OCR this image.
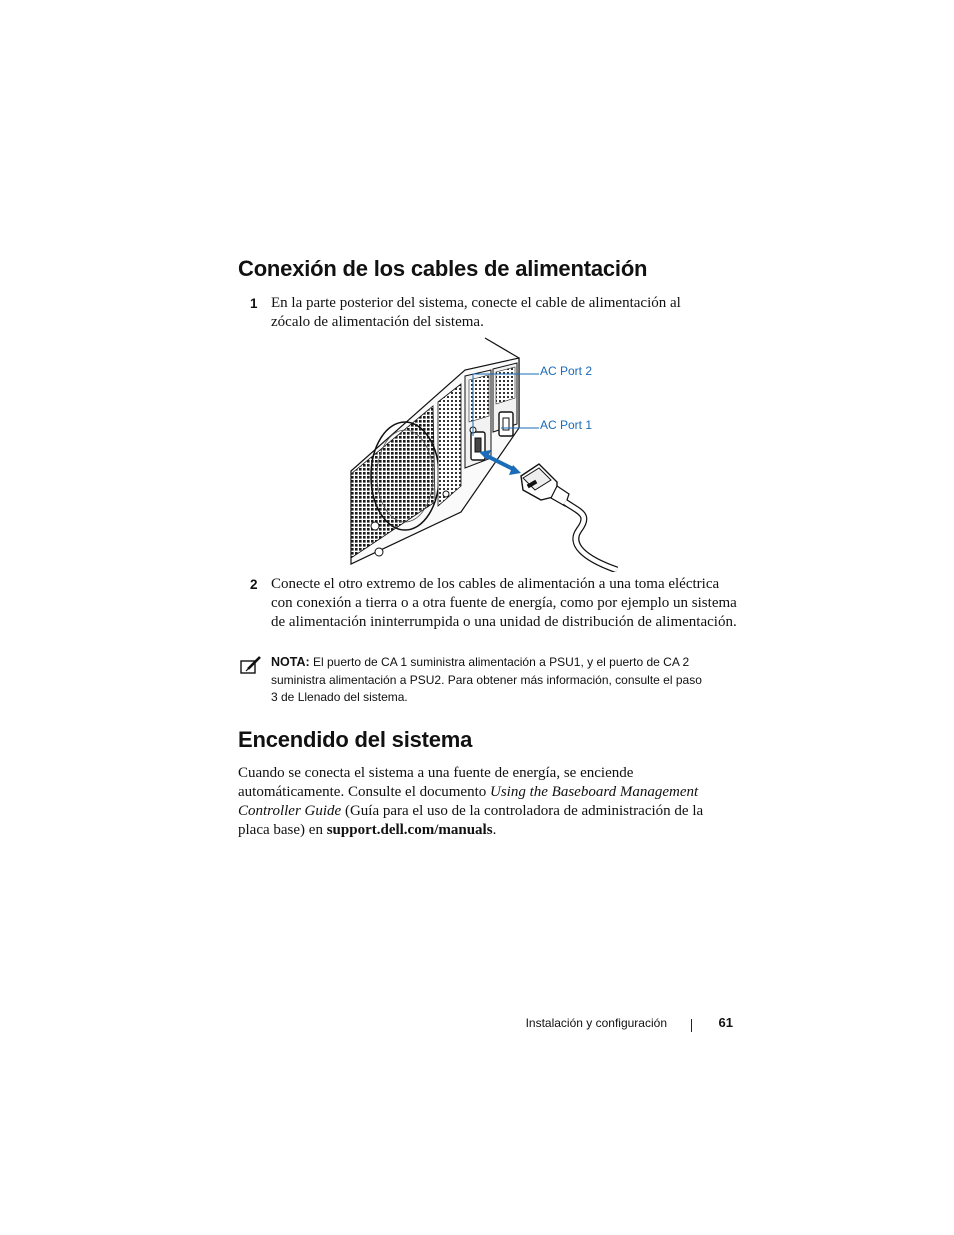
Conexión de los cables de alimentación
1 En la parte posterior del sistema, conecte el cable de alimentación al zócalo de alimentación del sistema.
AC Port 2
AC Port 1
2 Conecte el otro extremo de los cables de alimentación a una toma eléctrica con conexión a tierra o a otra fuente de energía, como por ejemplo un sistema de alimentación ininterrumpida o una unidad de distribución de alimentación.
NOTA: El puerto de CA 1 suministra alimentación a PSU1, y el puerto de CA 2 suministra alimentación a PSU2. Para obtener más información, consulte el paso 3 de Llenado del sistema.
Encendido del sistema
Cuando se conecta el sistema a una fuente de energía, se enciende automáticamente. Consulte el documento Using the Baseboard Management Controller Guide (Guía para el uso de la controladora de administración de la placa base) en support.dell.com/manuals.
Instalación y configuración	61
